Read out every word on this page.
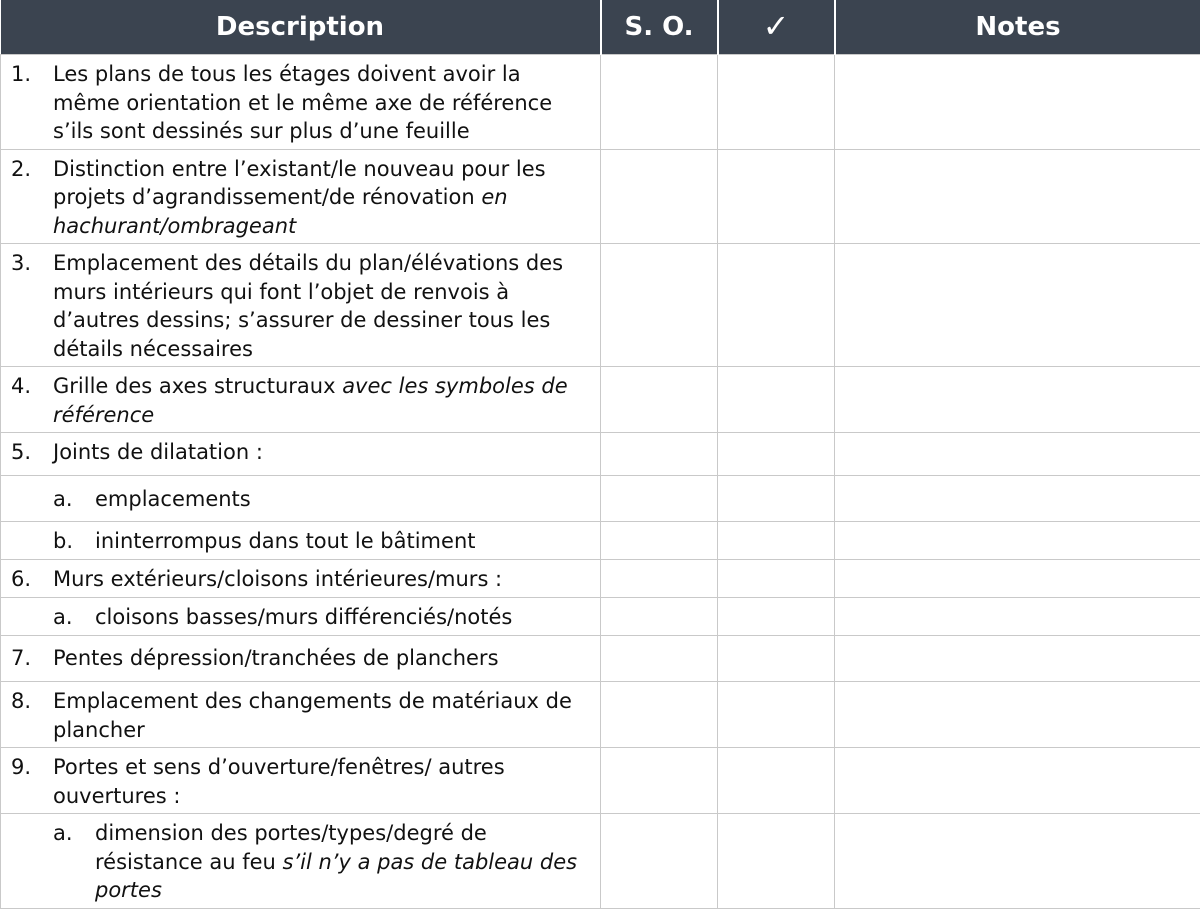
Description	S. O.	✓	Notes

1. Les plans de tous les étages doivent avoir la même orientation et le même axe de référence s’ils sont dessinés sur plus d’une feuille			

2. Distinction entre l’existant/le nouveau pour les projets d’agrandissement/de rénovation en hachurant/ombrageant			

3. Emplacement des détails du plan/élévations des murs intérieurs qui font l’objet de renvois à d’autres dessins; s’assurer de dessiner tous les détails nécessaires			

4. Grille des axes structuraux avec les symboles de référence			

5. Joints de dilatation :			

a. emplacements			

b. ininterrompus dans tout le bâtiment			

6. Murs extérieurs/cloisons intérieures/murs :			

a. cloisons basses/murs différenciés/notés			

7. Pentes dépression/tranchées de planchers			

8. Emplacement des changements de matériaux de plancher			

9. Portes et sens d’ouverture/fenêtres/ autres ouvertures :			

a. dimension des portes/types/degré de résistance au feu s’il n’y a pas de tableau des portes			
